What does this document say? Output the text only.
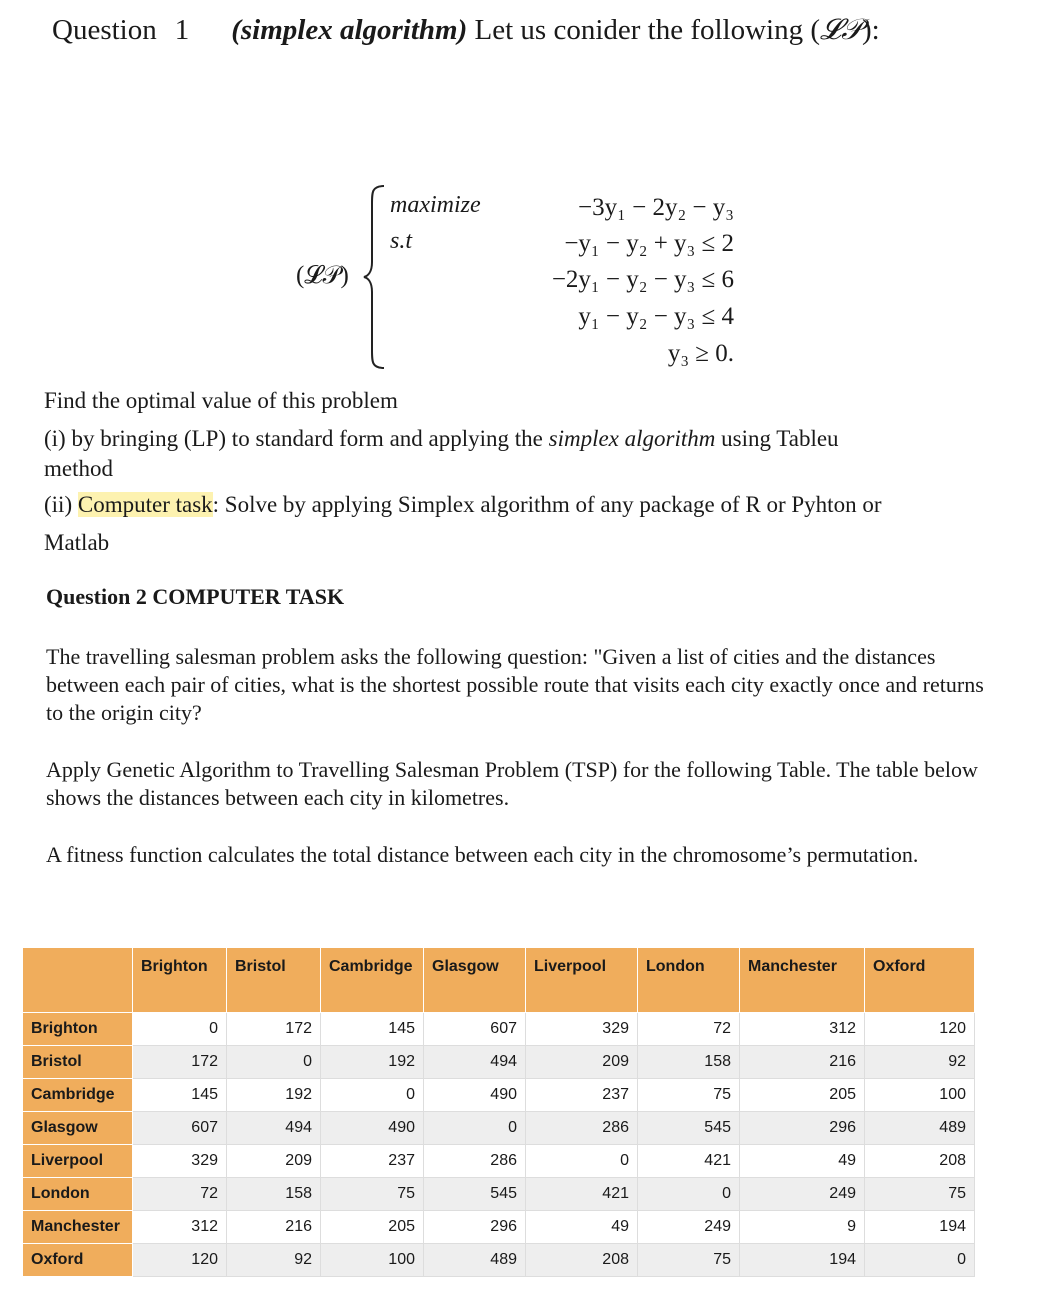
Question 1 (simplex algorithm) Let us conider the following (𝓛𝒫):
(𝓛𝒫)
maximize
s.t
−3y₁ − 2y₂ − y₃
−y₁ − y₂ + y₃ ≤ 2
−2y₁ − y₂ − y₃ ≤ 6
y₁ − y₂ − y₃ ≤ 4
y₃ ≥ 0.
Find the optimal value of this problem
(i) by bringing (LP) to standard form and applying the simplex algorithm using Tableu
method
(ii) Computer task: Solve by applying Simplex algorithm of any package of R or Pyhton or
Matlab
Question 2 COMPUTER TASK
The travelling salesman problem asks the following question: "Given a list of cities and the distances between each pair of cities, what is the shortest possible route that visits each city exactly once and returns to the origin city?
Apply Genetic Algorithm to Travelling Salesman Problem (TSP) for the following Table. The table below shows the distances between each city in kilometres.
A fitness function calculates the total distance between each city in the chromosome’s permutation.
	Brighton	Bristol	Cambridge	Glasgow	Liverpool	London	Manchester	Oxford
Brighton	0	172	145	607	329	72	312	120
Bristol	172	0	192	494	209	158	216	92
Cambridge	145	192	0	490	237	75	205	100
Glasgow	607	494	490	0	286	545	296	489
Liverpool	329	209	237	286	0	421	49	208
London	72	158	75	545	421	0	249	75
Manchester	312	216	205	296	49	249	9	194
Oxford	120	92	100	489	208	75	194	0
